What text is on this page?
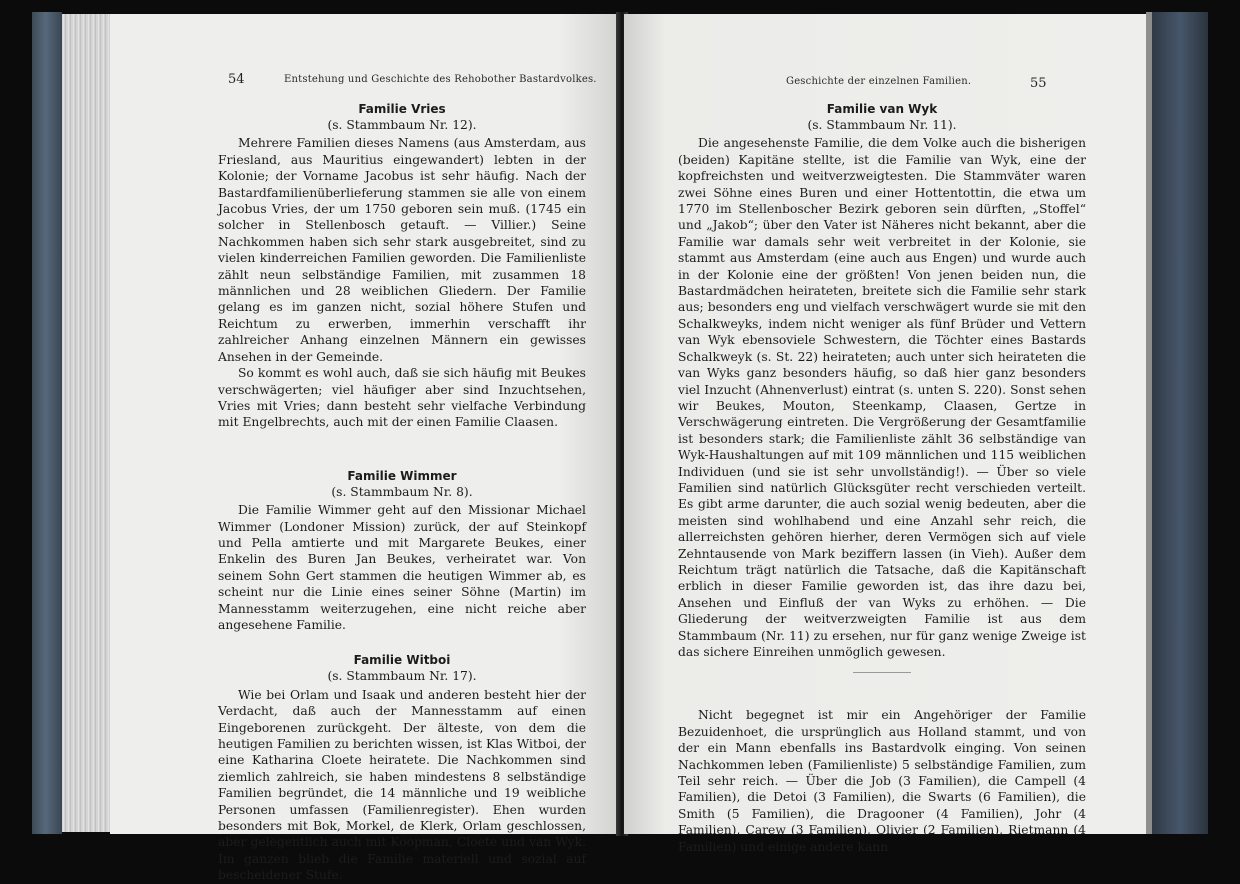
54	Entstehung und Geschichte des Rehobother Bastardvolkes.
Familie Vries
(s. Stammbaum Nr. 12).

Mehrere Familien dieses Namens (aus Amsterdam, aus Friesland, aus Mauritius eingewandert) lebten in der Kolonie; der Vorname Jacobus ist sehr häufig. Nach der Bastardfamilienüberlieferung stammen sie alle von einem Jacobus Vries, der um 1750 geboren sein muß. (1745 ein solcher in Stellenbosch getauft. — Villier.) Seine Nachkommen haben sich sehr stark ausgebreitet, sind zu vielen kinderreichen Familien geworden. Die Familienliste zählt neun selbständige Familien, mit zusammen 18 männlichen und 28 weiblichen Gliedern. Der Familie gelang es im ganzen nicht, sozial höhere Stufen und Reichtum zu erwerben, immerhin verschafft ihr zahlreicher Anhang einzelnen Männern ein gewisses Ansehen in der Gemeinde.

So kommt es wohl auch, daß sie sich häufig mit Beukes verschwägerten; viel häufiger aber sind Inzuchtsehen, Vries mit Vries; dann besteht sehr vielfache Verbindung mit Engelbrechts, auch mit der einen Familie Claasen.

Familie Wimmer
(s. Stammbaum Nr. 8).

Die Familie Wimmer geht auf den Missionar Michael Wimmer (Londoner Mission) zurück, der auf Steinkopf und Pella amtierte und mit Margarete Beukes, einer Enkelin des Buren Jan Beukes, verheiratet war. Von seinem Sohn Gert stammen die heutigen Wimmer ab, es scheint nur die Linie eines seiner Söhne (Martin) im Mannesstamm weiterzugehen, eine nicht reiche aber angesehene Familie.

Familie Witboi
(s. Stammbaum Nr. 17).

Wie bei Orlam und Isaak und anderen besteht hier der Verdacht, daß auch der Mannesstamm auf einen Eingeborenen zurückgeht. Der älteste, von dem die heutigen Familien zu berichten wissen, ist Klas Witboi, der eine Katharina Cloete heiratete. Die Nachkommen sind ziemlich zahlreich, sie haben mindestens 8 selbständige Familien begründet, die 14 männliche und 19 weibliche Personen umfassen (Familienregister). Ehen wurden besonders mit Bok, Morkel, de Klerk, Orlam geschlossen, aber gelegentlich auch mit Koopman, Cloete und van Wyk. Im ganzen blieb die Familie materiell und sozial auf bescheidener Stufe.

Geschichte der einzelnen Familien.	55
Familie van Wyk
(s. Stammbaum Nr. 11).

Die angesehenste Familie, die dem Volke auch die bisherigen (beiden) Kapitäne stellte, ist die Familie van Wyk, eine der kopfreichsten und weitverzweigtesten. Die Stammväter waren zwei Söhne eines Buren und einer Hottentottin, die etwa um 1770 im Stellenboscher Bezirk geboren sein dürften, „Stoffel“ und „Jakob“; über den Vater ist Näheres nicht bekannt, aber die Familie war damals sehr weit verbreitet in der Kolonie, sie stammt aus Amsterdam (eine auch aus Engen) und wurde auch in der Kolonie eine der größten! Von jenen beiden nun, die Bastardmädchen heirateten, breitete sich die Familie sehr stark aus; besonders eng und vielfach verschwägert wurde sie mit den Schalkweyks, indem nicht weniger als fünf Brüder und Vettern van Wyk ebensoviele Schwestern, die Töchter eines Bastards Schalkweyk (s. St. 22) heirateten; auch unter sich heirateten die van Wyks ganz besonders häufig, so daß hier ganz besonders viel Inzucht (Ahnenverlust) eintrat (s. unten S. 220). Sonst sehen wir Beukes, Mouton, Steenkamp, Claasen, Gertze in Verschwägerung eintreten. Die Vergrößerung der Gesamtfamilie ist besonders stark; die Familienliste zählt 36 selbständige van Wyk-Haushaltungen auf mit 109 männlichen und 115 weiblichen Individuen (und sie ist sehr unvollständig!). — Über so viele Familien sind natürlich Glücksgüter recht verschieden verteilt. Es gibt arme darunter, die auch sozial wenig bedeuten, aber die meisten sind wohlhabend und eine Anzahl sehr reich, die allerreichsten gehören hierher, deren Vermögen sich auf viele Zehntausende von Mark beziffern lassen (in Vieh). Außer dem Reichtum trägt natürlich die Tatsache, daß die Kapitänschaft erblich in dieser Familie geworden ist, das ihre dazu bei, Ansehen und Einfluß der van Wyks zu erhöhen. — Die Gliederung der weitverzweigten Familie ist aus dem Stammbaum (Nr. 11) zu ersehen, nur für ganz wenige Zweige ist das sichere Einreihen unmöglich gewesen.

Nicht begegnet ist mir ein Angehöriger der Familie Bezuidenhoet, die ursprünglich aus Holland stammt, und von der ein Mann ebenfalls ins Bastardvolk einging. Von seinen Nachkommen leben (Familienliste) 5 selbständige Familien, zum Teil sehr reich. — Über die Job (3 Familien), die Campell (4 Familien), die Detoi (3 Familien), die Swarts (6 Familien), die Smith (5 Familien), die Dragooner (4 Familien), Johr (4 Familien), Carew (3 Familien), Olivier (2 Familien), Rietmann (4 Familien) und einige andere kann
